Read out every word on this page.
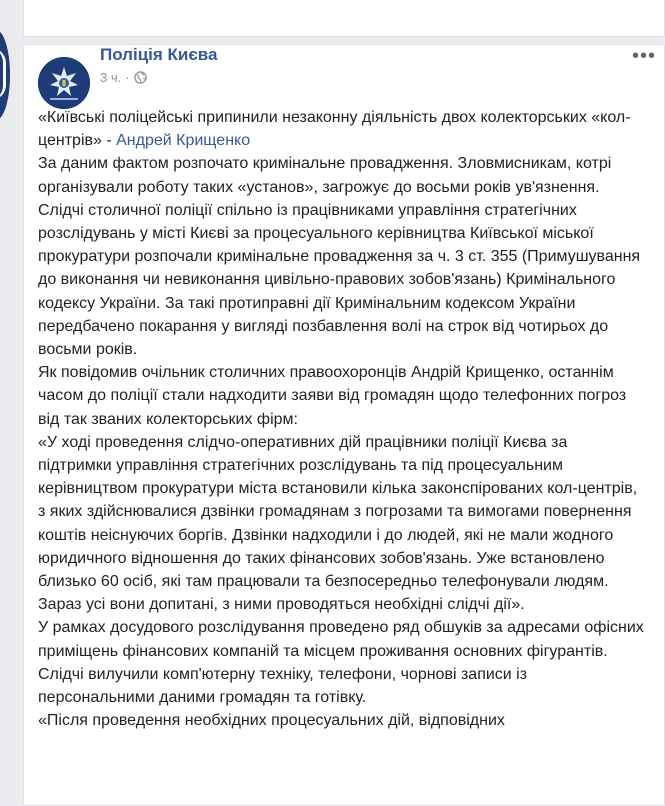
Поліція Києва
3 ч. ·
•••

«Київські поліцейські припинили незаконну діяльність двох колекторських «кол-центрів» - Андрей Крищенко

За даним фактом розпочато кримінальне провадження. Зловмисникам, котрі організували роботу таких «установ», загрожує до восьми років ув'язнення.

Слідчі столичної поліції спільно із працівниками управління стратегічних розслідувань у місті Києві за процесуального керівництва Київської міської прокуратури розпочали кримінальне провадження за ч. 3 ст. 355 (Примушування до виконання чи невиконання цивільно-правових зобов'язань) Кримінального кодексу України. За такі протиправні дії Кримінальним кодексом України передбачено покарання у вигляді позбавлення волі на строк від чотирьох до восьми років.

Як повідомив очільник столичних правоохоронців Андрій Крищенко, останнім часом до поліції стали надходити заяви від громадян щодо телефонних погроз від так званих колекторських фірм:

«У ході проведення слідчо-оперативних дій працівники поліції Києва за підтримки управління стратегічних розслідувань та під процесуальним керівництвом прокуратури міста встановили кілька законспірованих кол-центрів, з яких здійснювалися дзвінки громадянам з погрозами та вимогами повернення коштів неіснуючих боргів. Дзвінки надходили і до людей, які не мали жодного юридичного відношення до таких фінансових зобов'язань. Уже встановлено близько 60 осіб, які там працювали та безпосередньо телефонували людям. Зараз усі вони допитані, з ними проводяться необхідні слідчі дії».

У рамках досудового розслідування проведено ряд обшуків за адресами офісних приміщень фінансових компаній та місцем проживання основних фігурантів. Слідчі вилучили комп'ютерну техніку, телефони, чорнові записи із персональними даними громадян та готівку.

«Після проведення необхідних процесуальних дій, відповідних
